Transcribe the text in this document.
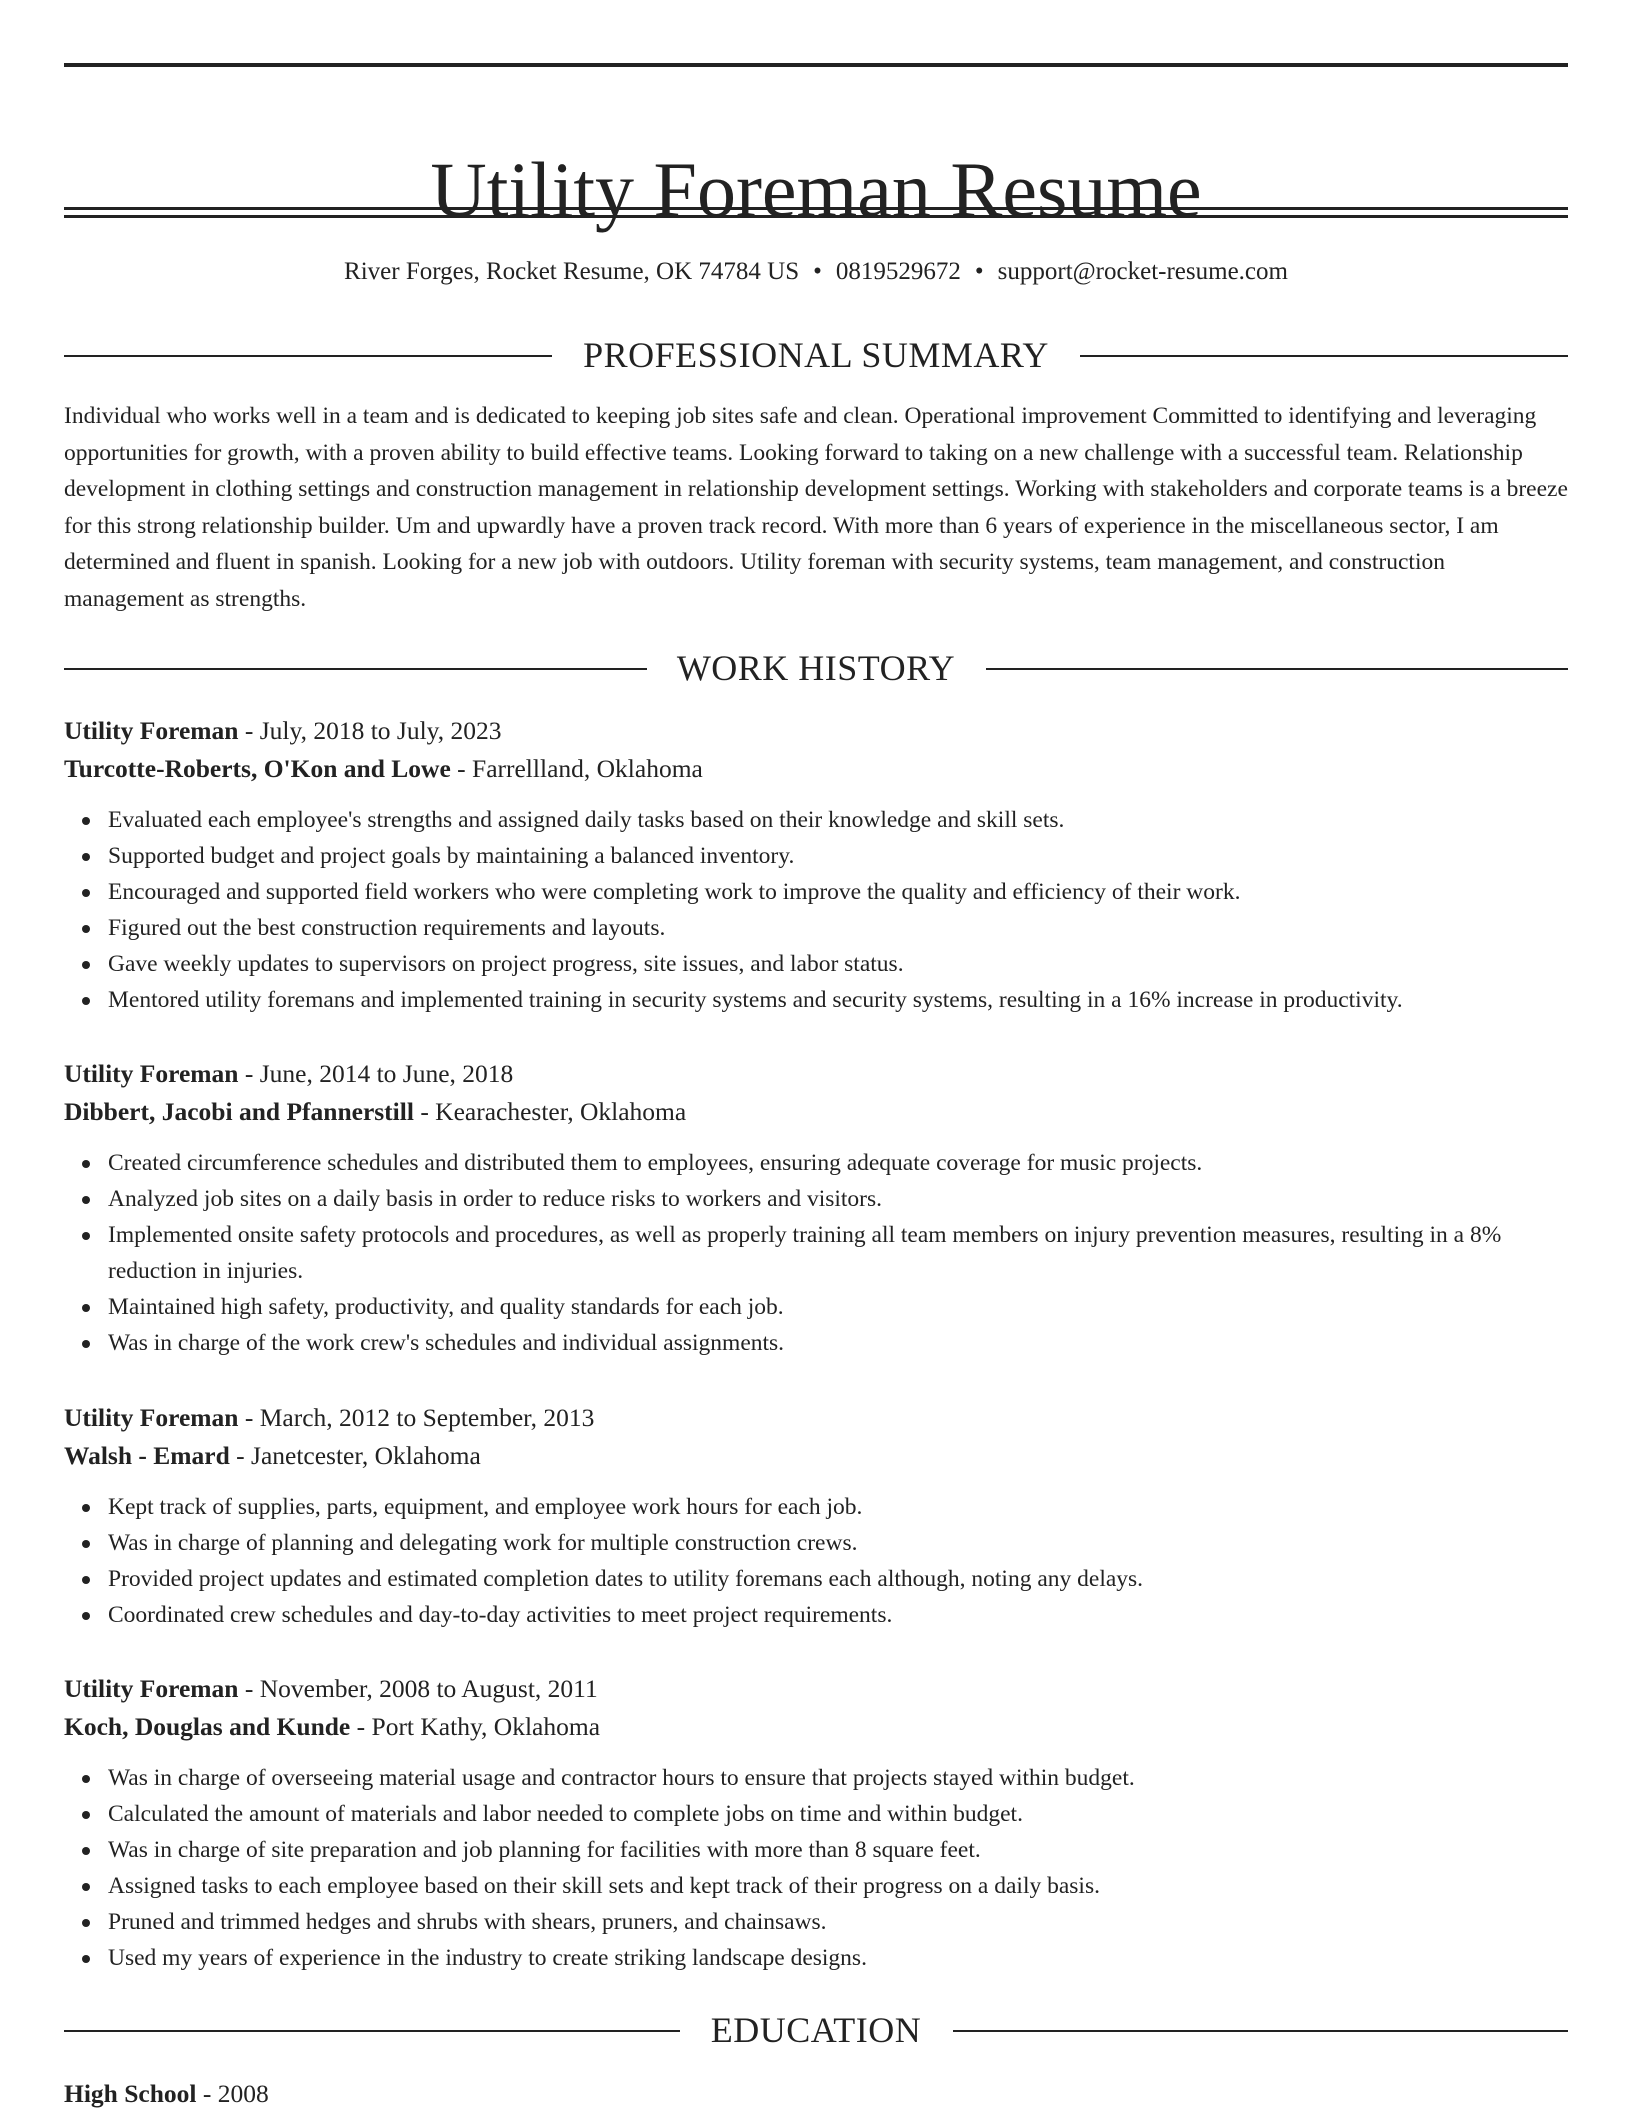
Utility Foreman Resume
River Forges, Rocket Resume, OK 74784 US • 0819529672 • support@rocket-resume.com
PROFESSIONAL SUMMARY

Individual who works well in a team and is dedicated to keeping job sites safe and clean. Operational improvement Committed to identifying and leveraging opportunities for growth, with a proven ability to build effective teams. Looking forward to taking on a new challenge with a successful team. Relationship development in clothing settings and construction management in relationship development settings. Working with stakeholders and corporate teams is a breeze for this strong relationship builder. Um and upwardly have a proven track record. With more than 6 years of experience in the miscellaneous sector, I am determined and fluent in spanish. Looking for a new job with outdoors. Utility foreman with security systems, team management, and construction management as strengths.

WORK HISTORY

Utility Foreman - July, 2018 to July, 2023

Turcotte-Roberts, O'Kon and Lowe - Farrellland, Oklahoma

Evaluated each employee's strengths and assigned daily tasks based on their knowledge and skill sets.
Supported budget and project goals by maintaining a balanced inventory.
Encouraged and supported field workers who were completing work to improve the quality and efficiency of their work.
Figured out the best construction requirements and layouts.
Gave weekly updates to supervisors on project progress, site issues, and labor status.
Mentored utility foremans and implemented training in security systems and security systems, resulting in a 16% increase in productivity.

Utility Foreman - June, 2014 to June, 2018

Dibbert, Jacobi and Pfannerstill - Kearachester, Oklahoma

Created circumference schedules and distributed them to employees, ensuring adequate coverage for music projects.
Analyzed job sites on a daily basis in order to reduce risks to workers and visitors.
Implemented onsite safety protocols and procedures, as well as properly training all team members on injury prevention measures, resulting in a 8% reduction in injuries.
Maintained high safety, productivity, and quality standards for each job.
Was in charge of the work crew's schedules and individual assignments.

Utility Foreman - March, 2012 to September, 2013

Walsh - Emard - Janetcester, Oklahoma

Kept track of supplies, parts, equipment, and employee work hours for each job.
Was in charge of planning and delegating work for multiple construction crews.
Provided project updates and estimated completion dates to utility foremans each although, noting any delays.
Coordinated crew schedules and day-to-day activities to meet project requirements.

Utility Foreman - November, 2008 to August, 2011

Koch, Douglas and Kunde - Port Kathy, Oklahoma

Was in charge of overseeing material usage and contractor hours to ensure that projects stayed within budget.
Calculated the amount of materials and labor needed to complete jobs on time and within budget.
Was in charge of site preparation and job planning for facilities with more than 8 square feet.
Assigned tasks to each employee based on their skill sets and kept track of their progress on a daily basis.
Pruned and trimmed hedges and shrubs with shears, pruners, and chainsaws.
Used my years of experience in the industry to create striking landscape designs.
EDUCATION
High School - 2008
